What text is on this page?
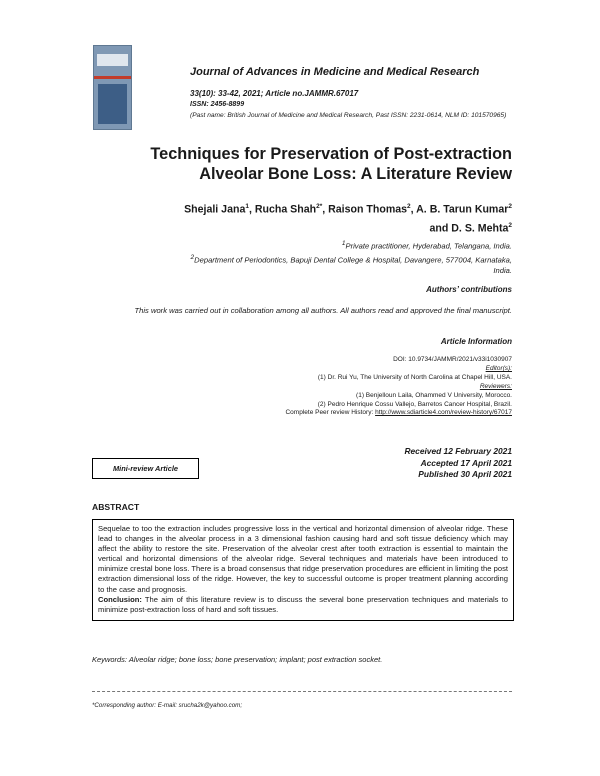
Journal of Advances in Medicine and Medical Research
33(10): 33-42, 2021; Article no.JAMMR.67017
ISSN: 2456-8899
(Past name: British Journal of Medicine and Medical Research, Past ISSN: 2231-0614, NLM ID: 101570965)
Techniques for Preservation of Post-extraction Alveolar Bone Loss: A Literature Review
Shejali Jana$^1$, Rucha Shah$^{2*}$, Raison Thomas$^2$, A. B. Tarun Kumar$^2$
and D. S. Mehta$^2$
$^1$Private practitioner, Hyderabad, Telangana, India.
$^2$Department of Periodontics, Bapuji Dental College & Hospital, Davangere, 577004, Karnataka, India.
Authors’ contributions
This work was carried out in collaboration among all authors. All authors read and approved the final manuscript.
Article Information
DOI: 10.9734/JAMMR/2021/v33i1030907
Editor(s):
(1) Dr. Rui Yu, The University of North Carolina at Chapel Hill, USA.
Reviewers:
(1) Benjelloun Laila, Ohammed V University, Morocco.
(2) Pedro Henrique Cossu Vallejo, Barretos Cancer Hospital, Brazil.
Complete Peer review History: http://www.sdiarticle4.com/review-history/67017
Mini-review Article
Received 12 February 2021
Accepted 17 April 2021
Published 30 April 2021
ABSTRACT

Sequelae to too the extraction includes progressive loss in the vertical and horizontal dimension of alveolar ridge. These lead to changes in the alveolar process in a 3 dimensional fashion causing hard and soft tissue deficiency which may affect the ability to restore the site. Preservation of the alveolar crest after tooth extraction is essential to maintain the vertical and horizontal dimensions of the alveolar ridge. Several techniques and materials have been introduced to minimize crestal bone loss. There is a broad consensus that ridge preservation procedures are efficient in limiting the post extraction dimensional loss of the ridge. However, the key to successful outcome is proper treatment planning according to the case and prognosis.

Conclusion: The aim of this literature review is to discuss the several bone preservation techniques and materials to minimize post-extraction loss of hard and soft tissues.

Keywords: Alveolar ridge; bone loss; bone preservation; implant; post extraction socket.
*Corresponding author: E-mail: srucha2k@yahoo.com;
